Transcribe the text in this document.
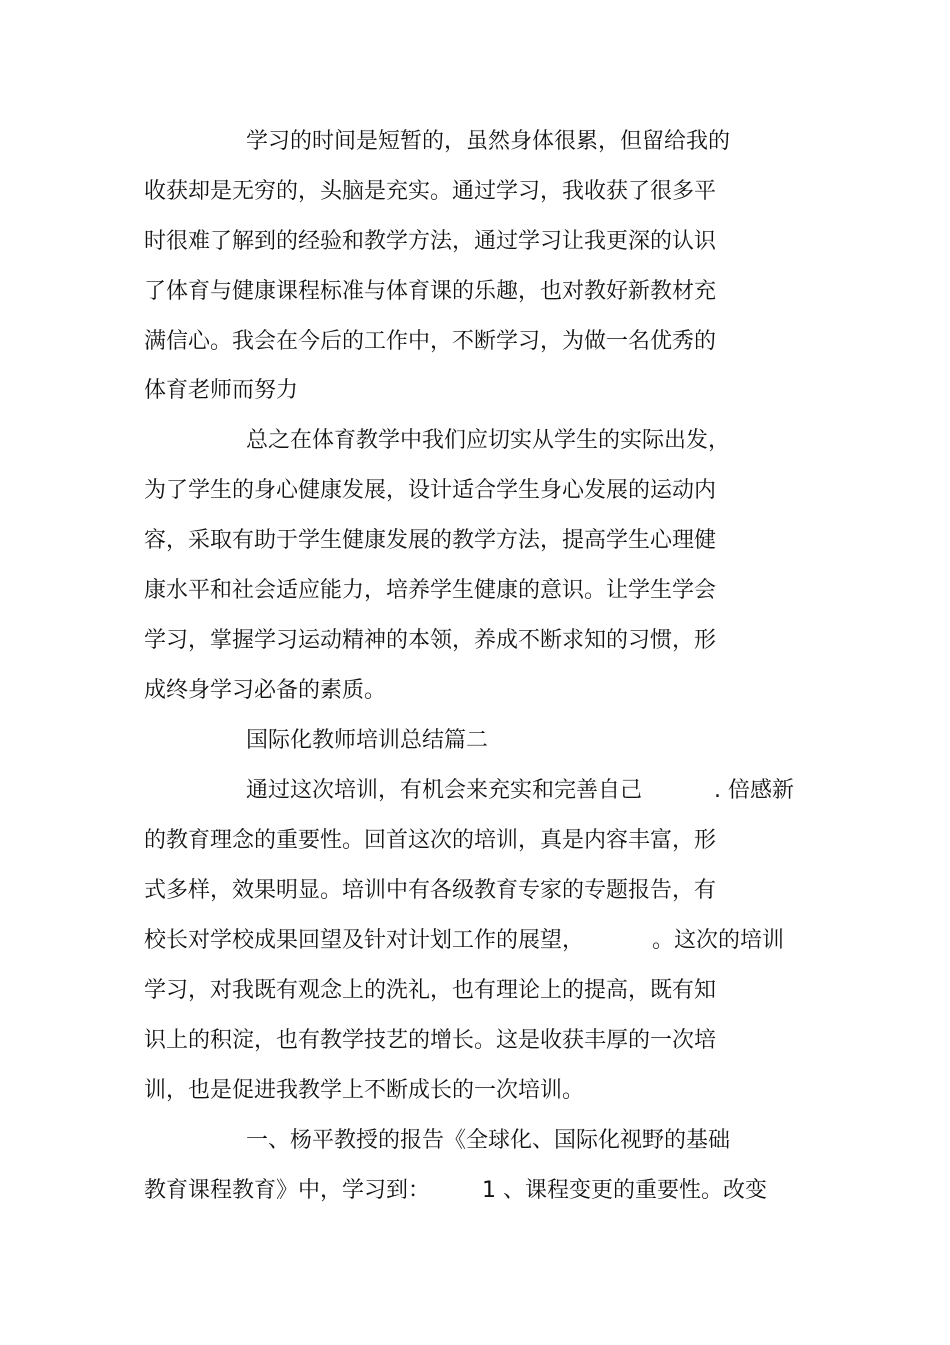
学习的时间是短暂的，虽然身体很累，但留给我的
收获却是无穷的，头脑是充实。通过学习，我收获了很多平
时很难了解到的经验和教学方法，通过学习让我更深的认识
了体育与健康课程标准与体育课的乐趣，也对教好新教材充
满信心。我会在今后的工作中，不断学习，为做一名优秀的
体育老师而努力
总之在体育教学中我们应切实从学生的实际出发，
为了学生的身心健康发展，设计适合学生身心发展的运动内
容，采取有助于学生健康发展的教学方法，提高学生心理健
康水平和社会适应能力，培养学生健康的意识。让学生学会
学习，掌握学习运动精神的本领，养成不断求知的习惯，形
成终身学习必备的素质。
国际化教师培训总结篇二
通过这次培训，有机会来充实和完善自己	. 倍感新
的教育理念的重要性。回首这次的培训，真是内容丰富，形
式多样，效果明显。培训中有各级教育专家的专题报告，有
校长对学校成果回望及针对计划工作的展望，	。这次的培训
学习，对我既有观念上的洗礼，也有理论上的提高，既有知
识上的积淀，也有教学技艺的增长。这是收获丰厚的一次培
训，也是促进我教学上不断成长的一次培训。
一、杨平教授的报告《全球化、国际化视野的基础
教育课程教育》中，学习到： 1 、课程变更的重要性。改变
